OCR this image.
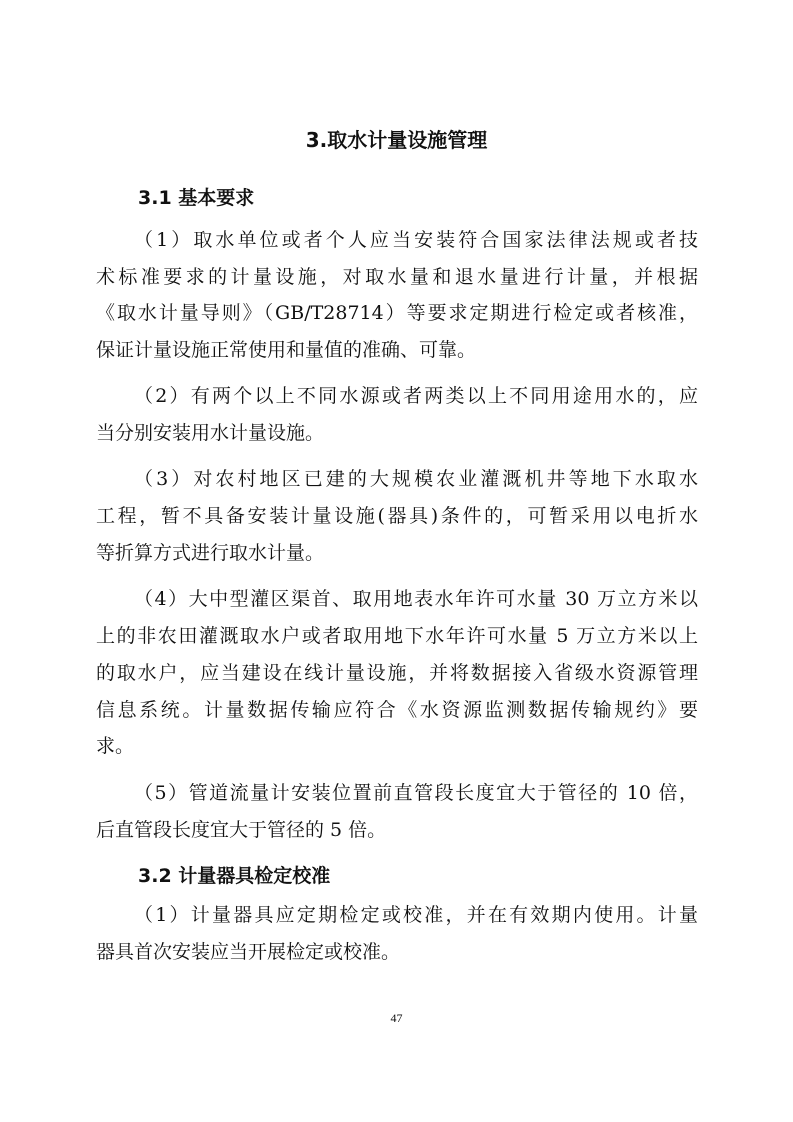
3.取水计量设施管理
3.1 基本要求
（1）取水单位或者个人应当安装符合国家法律法规或者技
术标准要求的计量设施，对取水量和退水量进行计量，并根据
《取水计量导则》（GB/T28714）等要求定期进行检定或者核准，
保证计量设施正常使用和量值的准确、可靠。
（2）有两个以上不同水源或者两类以上不同用途用水的，应
当分别安装用水计量设施。
（3）对农村地区已建的大规模农业灌溉机井等地下水取水
工程，暂不具备安装计量设施(器具)条件的，可暂采用以电折水
等折算方式进行取水计量。
（4）大中型灌区渠首、取用地表水年许可水量 30 万立方米以
上的非农田灌溉取水户或者取用地下水年许可水量 5 万立方米以上
的取水户，应当建设在线计量设施，并将数据接入省级水资源管理
信息系统。计量数据传输应符合《水资源监测数据传输规约》要
求。
（5）管道流量计安装位置前直管段长度宜大于管径的 10 倍，
后直管段长度宜大于管径的 5 倍。
3.2 计量器具检定校准
（1）计量器具应定期检定或校准，并在有效期内使用。计量
器具首次安装应当开展检定或校准。
47
